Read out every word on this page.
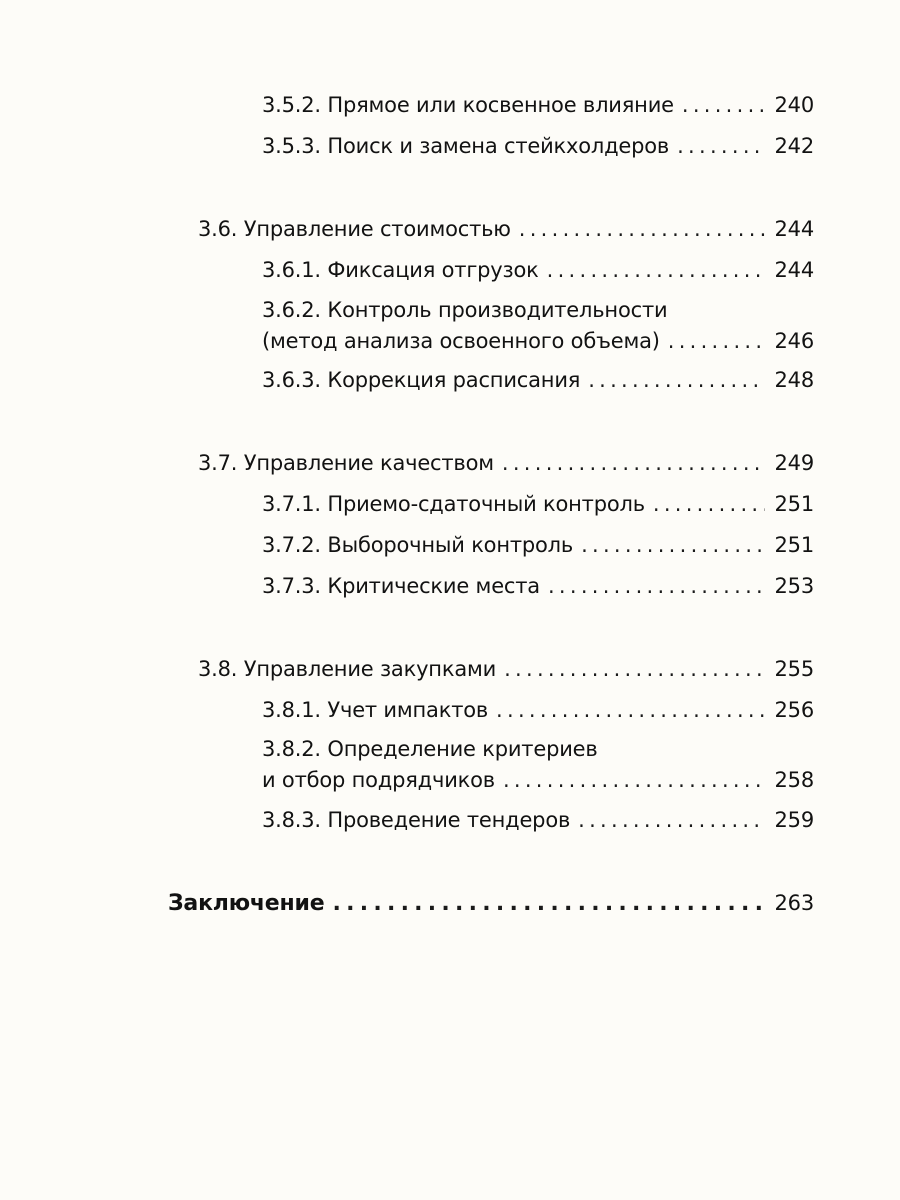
3.5.2. Прямое или косвенное влияние . . .	240
3.5.3. Поиск и замена стейкхолдеров . . .	242
3.6. Управление стоимостью . . .	244
3.6.1. Фиксация отгрузок . . .	244
3.6.2. Контроль производительности
(метод анализа освоенного объема) . . .	246
3.6.3. Коррекция расписания . . .	248
3.7. Управление качеством . . .	249
3.7.1. Приемо-сдаточный контроль . . .	251
3.7.2. Выборочный контроль . . .	251
3.7.3. Критические места . . .	253
3.8. Управление закупками . . .	255
3.8.1. Учет импактов . . .	256
3.8.2. Определение критериев
и отбор подрядчиков . . .	258
3.8.3. Проведение тендеров . . .	259
Заключение . . .	263
